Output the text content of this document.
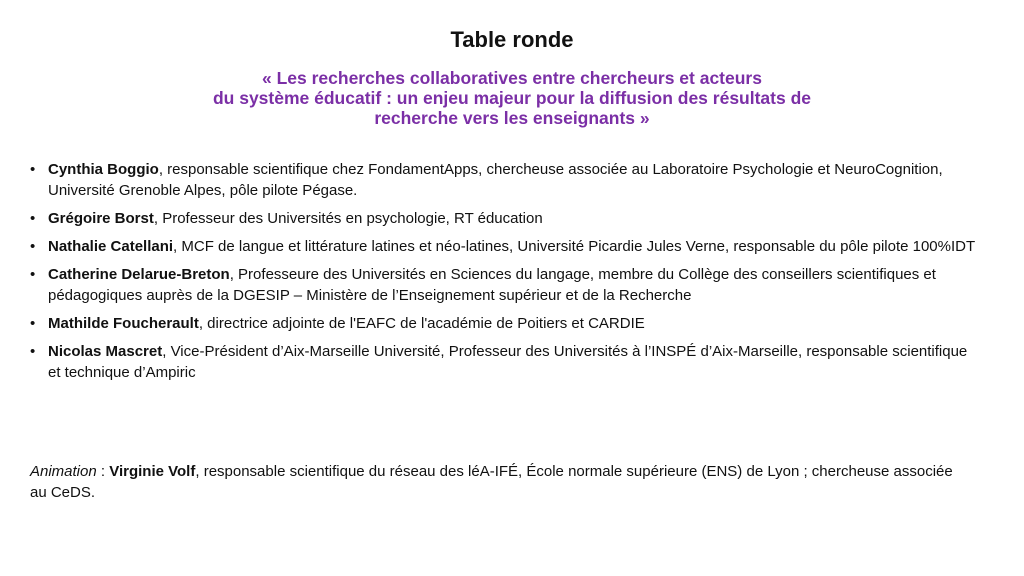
Table ronde
« Les recherches collaboratives entre chercheurs et acteurs
du système éducatif : un enjeu majeur pour la diffusion des résultats de
recherche vers les enseignants »
• Cynthia Boggio, responsable scientifique chez FondamentApps, chercheuse associée au Laboratoire Psychologie et NeuroCognition, Université Grenoble Alpes, pôle pilote Pégase.
• Grégoire Borst, Professeur des Universités en psychologie, RT éducation
• Nathalie Catellani, MCF de langue et littérature latines et néo-latines, Université Picardie Jules Verne, responsable du pôle pilote 100%IDT
• Catherine Delarue-Breton, Professeure des Universités en Sciences du langage, membre du Collège des conseillers scientifiques et pédagogiques auprès de la DGESIP – Ministère de l’Enseignement supérieur et de la Recherche
• Mathilde Foucherault, directrice adjointe de l'EAFC de l'académie de Poitiers et CARDIE
• Nicolas Mascret, Vice-Président d’Aix-Marseille Université, Professeur des Universités à l’INSPÉ d’Aix-Marseille, responsable scientifique et technique d’Ampiric
Animation : Virginie Volf, responsable scientifique du réseau des léA-IFÉ, École normale supérieure (ENS) de Lyon ; chercheuse associée au CeDS.
